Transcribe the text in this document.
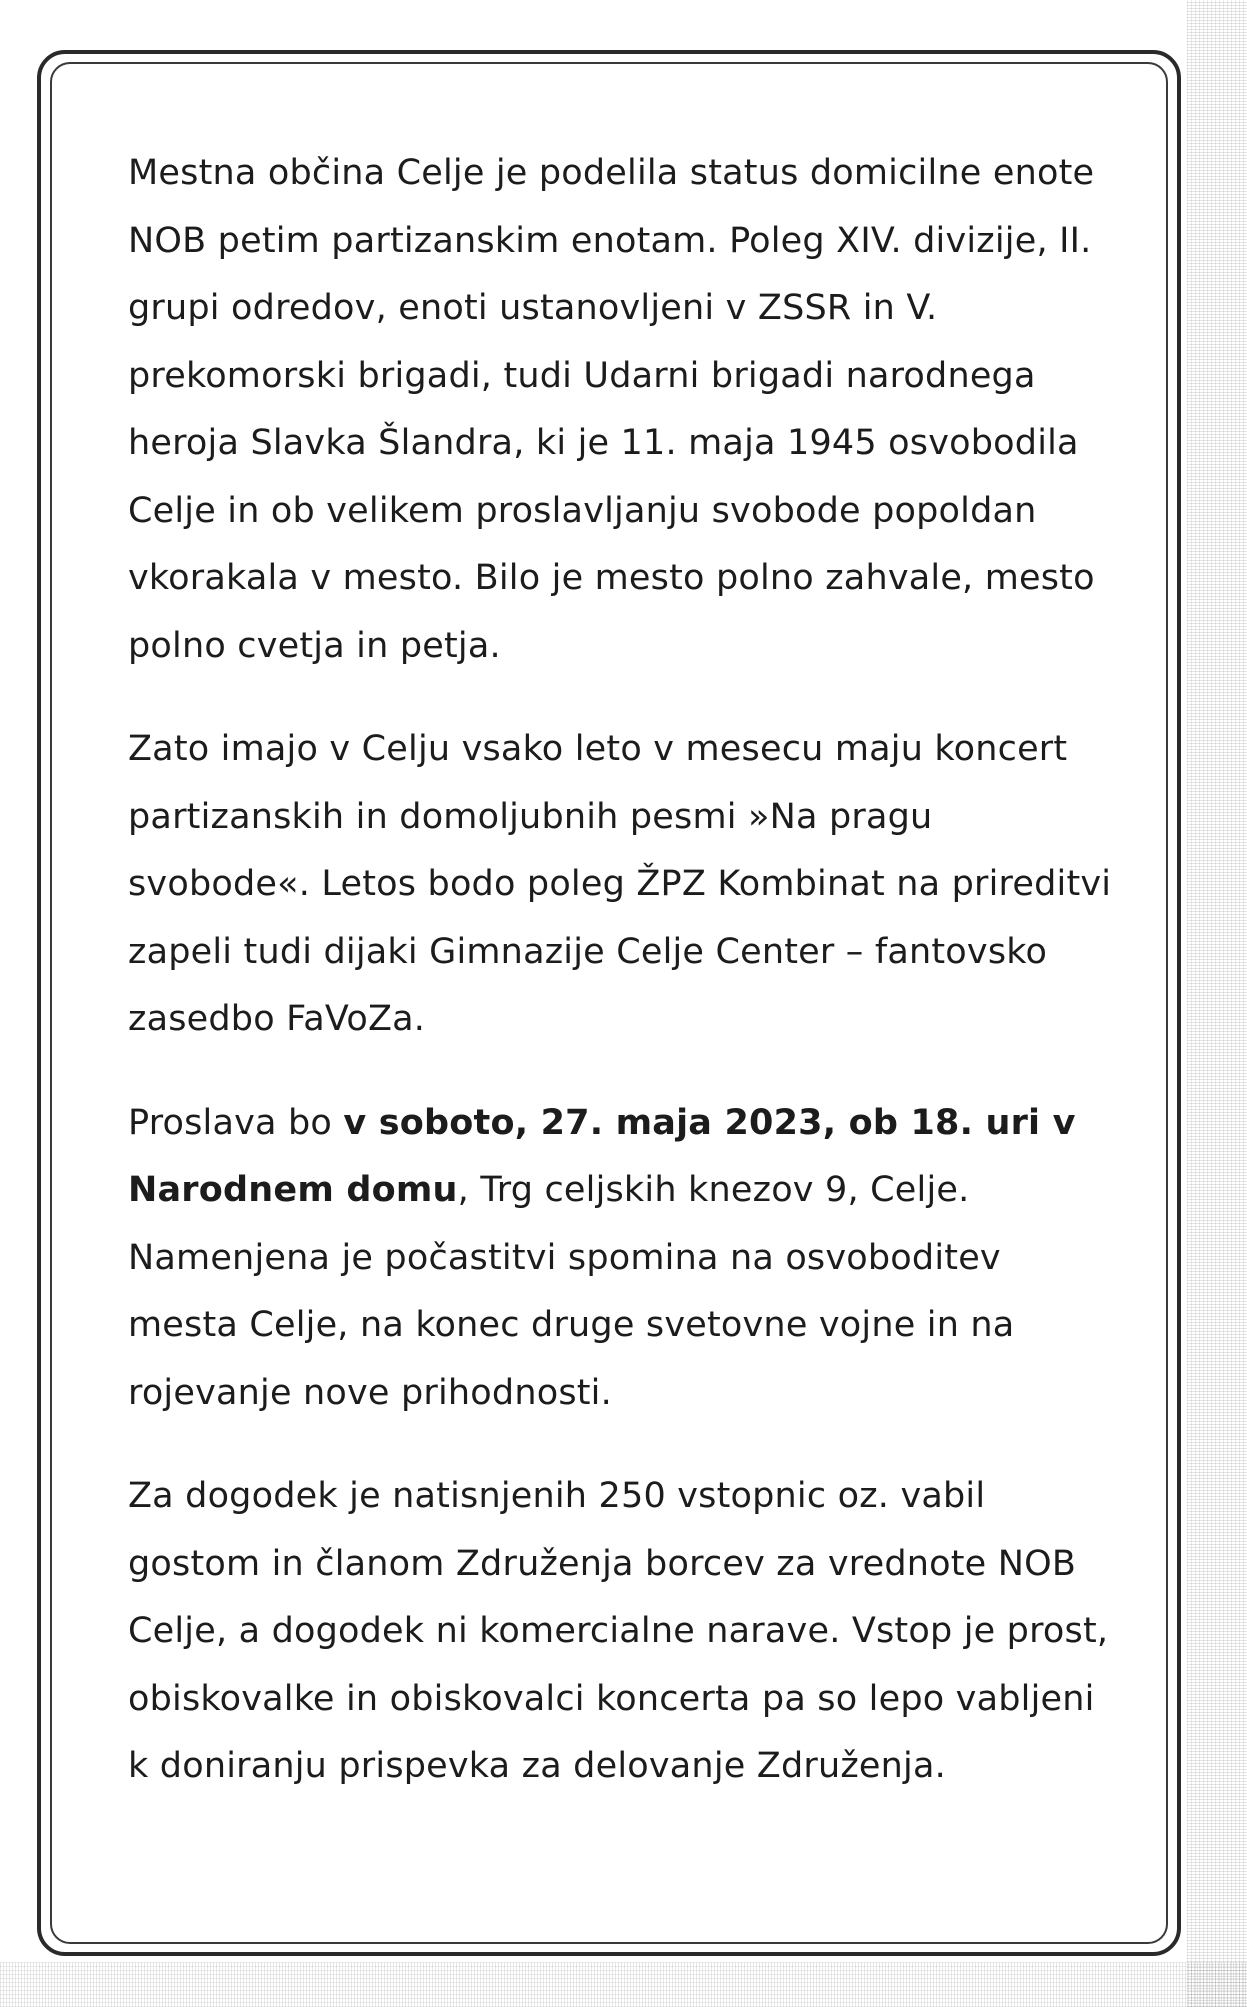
Mestna občina Celje je podelila status domicilne enote NOB petim partizanskim enotam. Poleg XIV. divizije, II. grupi odredov, enoti ustanovljeni v ZSSR in V. prekomorski brigadi, tudi Udarni brigadi narodnega heroja Slavka Šlandra, ki je 11. maja 1945 osvobodila Celje in ob velikem proslavljanju svobode popoldan vkorakala v mesto. Bilo je mesto polno zahvale, mesto polno cvetja in petja.

Zato imajo v Celju vsako leto v mesecu maju koncert partizanskih in domoljubnih pesmi »Na pragu svobode«. Letos bodo poleg ŽPZ Kombinat na prireditvi zapeli tudi dijaki Gimnazije Celje Center – fantovsko zasedbo FaVoZa.

Proslava bo v soboto, 27. maja 2023, ob 18. uri v Narodnem domu, Trg celjskih knezov 9, Celje. Namenjena je počastitvi spomina na osvoboditev mesta Celje, na konec druge svetovne vojne in na rojevanje nove prihodnosti.

Za dogodek je natisnjenih 250 vstopnic oz. vabil gostom in članom Združenja borcev za vrednote NOB Celje, a dogodek ni komercialne narave. Vstop je prost, obiskovalke in obiskovalci koncerta pa so lepo vabljeni k doniranju prispevka za delovanje Združenja.
